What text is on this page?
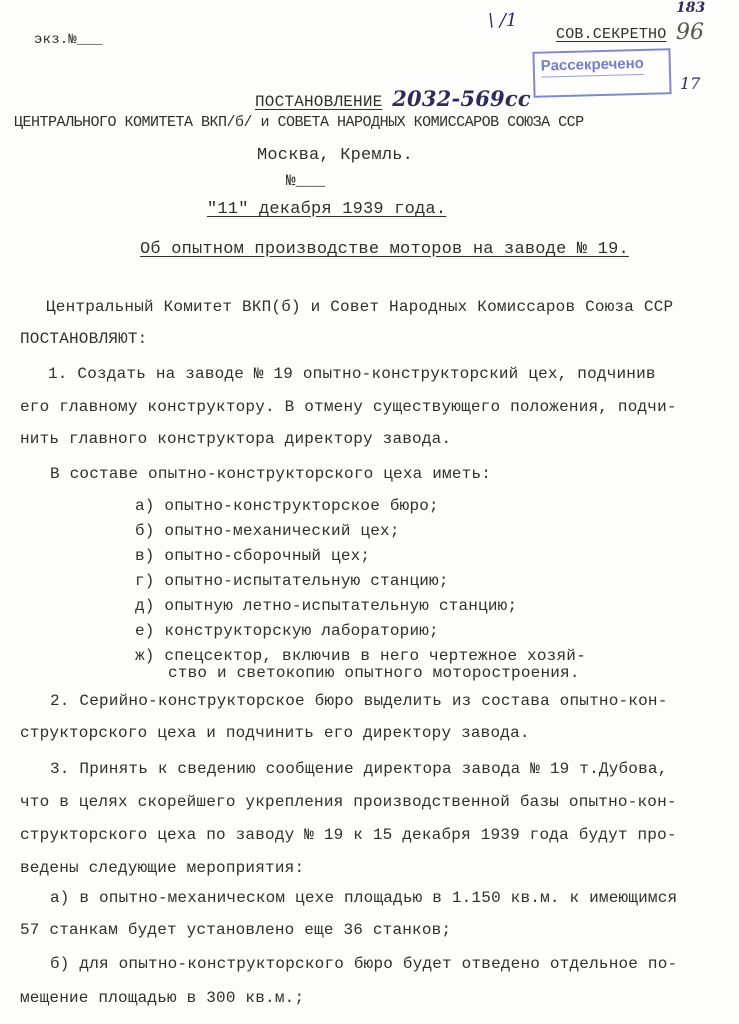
экз.№___
\ /1
СОВ.СЕКРЕТНО
183
96
Рассекречено
17
ПОСТАНОВЛЕНИЕ 2032-569сс
ЦЕНТРАЛЬНОГО КОМИТЕТА ВКП/б/ и СОВЕТА НАРОДНЫХ КОМИССАРОВ СОЮЗА ССР
Москва, Кремль.
№___
"11" декабря 1939 года.
Об опытном производстве моторов на заводе № 19.
Центральный Комитет ВКП(б) и Совет Народных Комиссаров Союза ССР
ПОСТАНОВЛЯЮТ:
1. Создать на заводе № 19 опытно-конструкторский цех, подчинив
его главному конструктору. В отмену существующего положения, подчи-
нить главного конструктора директору завода.
В составе опытно-конструкторского цеха иметь:
а) опытно-конструкторское бюро;
б) опытно-механический цех;
в) опытно-сборочный цех;
г) опытно-испытательную станцию;
д) опытную летно-испытательную станцию;
е) конструкторскую лабораторию;
ж) спецсектор, включив в него чертежное хозяй-
ство и светокопию опытного моторостроения.
2. Серийно-конструкторское бюро выделить из состава опытно-кон-
структорского цеха и подчинить его директору завода.
3. Принять к сведению сообщение директора завода № 19 т.Дубова,
что в целях скорейшего укрепления производственной базы опытно-кон-
структорского цеха по заводу № 19 к 15 декабря 1939 года будут про-
ведены следующие мероприятия:
а) в опытно-механическом цехе площадью в 1.150 кв.м. к имеющимся
57 станкам будет установлено еще 36 станков;
б) для опытно-конструкторского бюро будет отведено отдельное по-
мещение площадью в 300 кв.м.;
